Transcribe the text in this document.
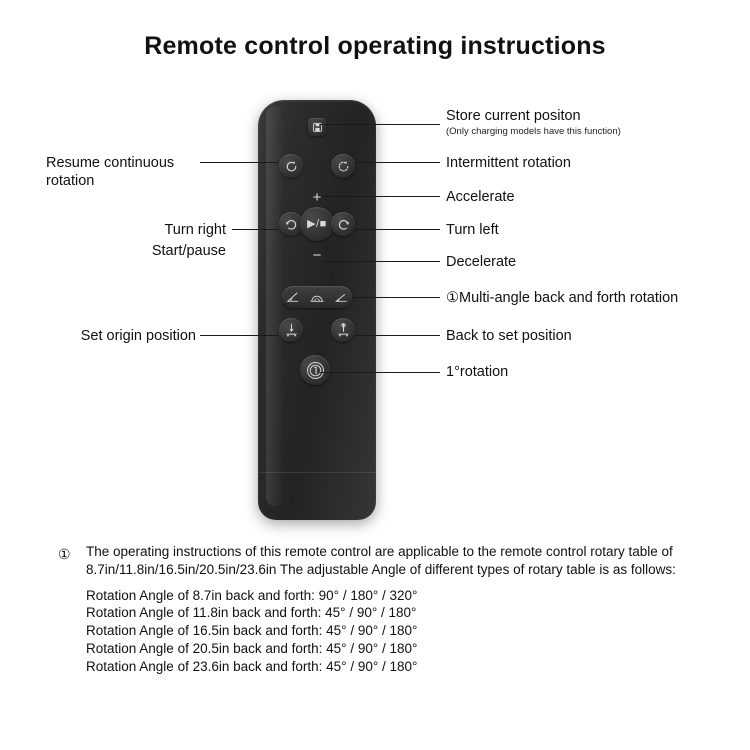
Remote control operating instructions
+
▶/■
−
Store current positon
(Only charging models have this function)
Intermittent rotation
Accelerate
Turn left
Decelerate
①Multi-angle back and forth rotation
Back to set position
1°rotation
Resume continuous
rotation
Turn right
Start/pause
Set origin position
① The operating instructions of this remote control are applicable to the remote control rotary table of 8.7in/11.8in/16.5in/20.5in/23.6in The adjustable Angle of different types of rotary table is as follows:
Rotation Angle of 8.7in back and forth: 90° / 180° / 320°
Rotation Angle of 11.8in back and forth: 45° / 90° / 180°
Rotation Angle of 16.5in back and forth: 45° / 90° / 180°
Rotation Angle of 20.5in back and forth: 45° / 90° / 180°
Rotation Angle of 23.6in back and forth: 45° / 90° / 180°
